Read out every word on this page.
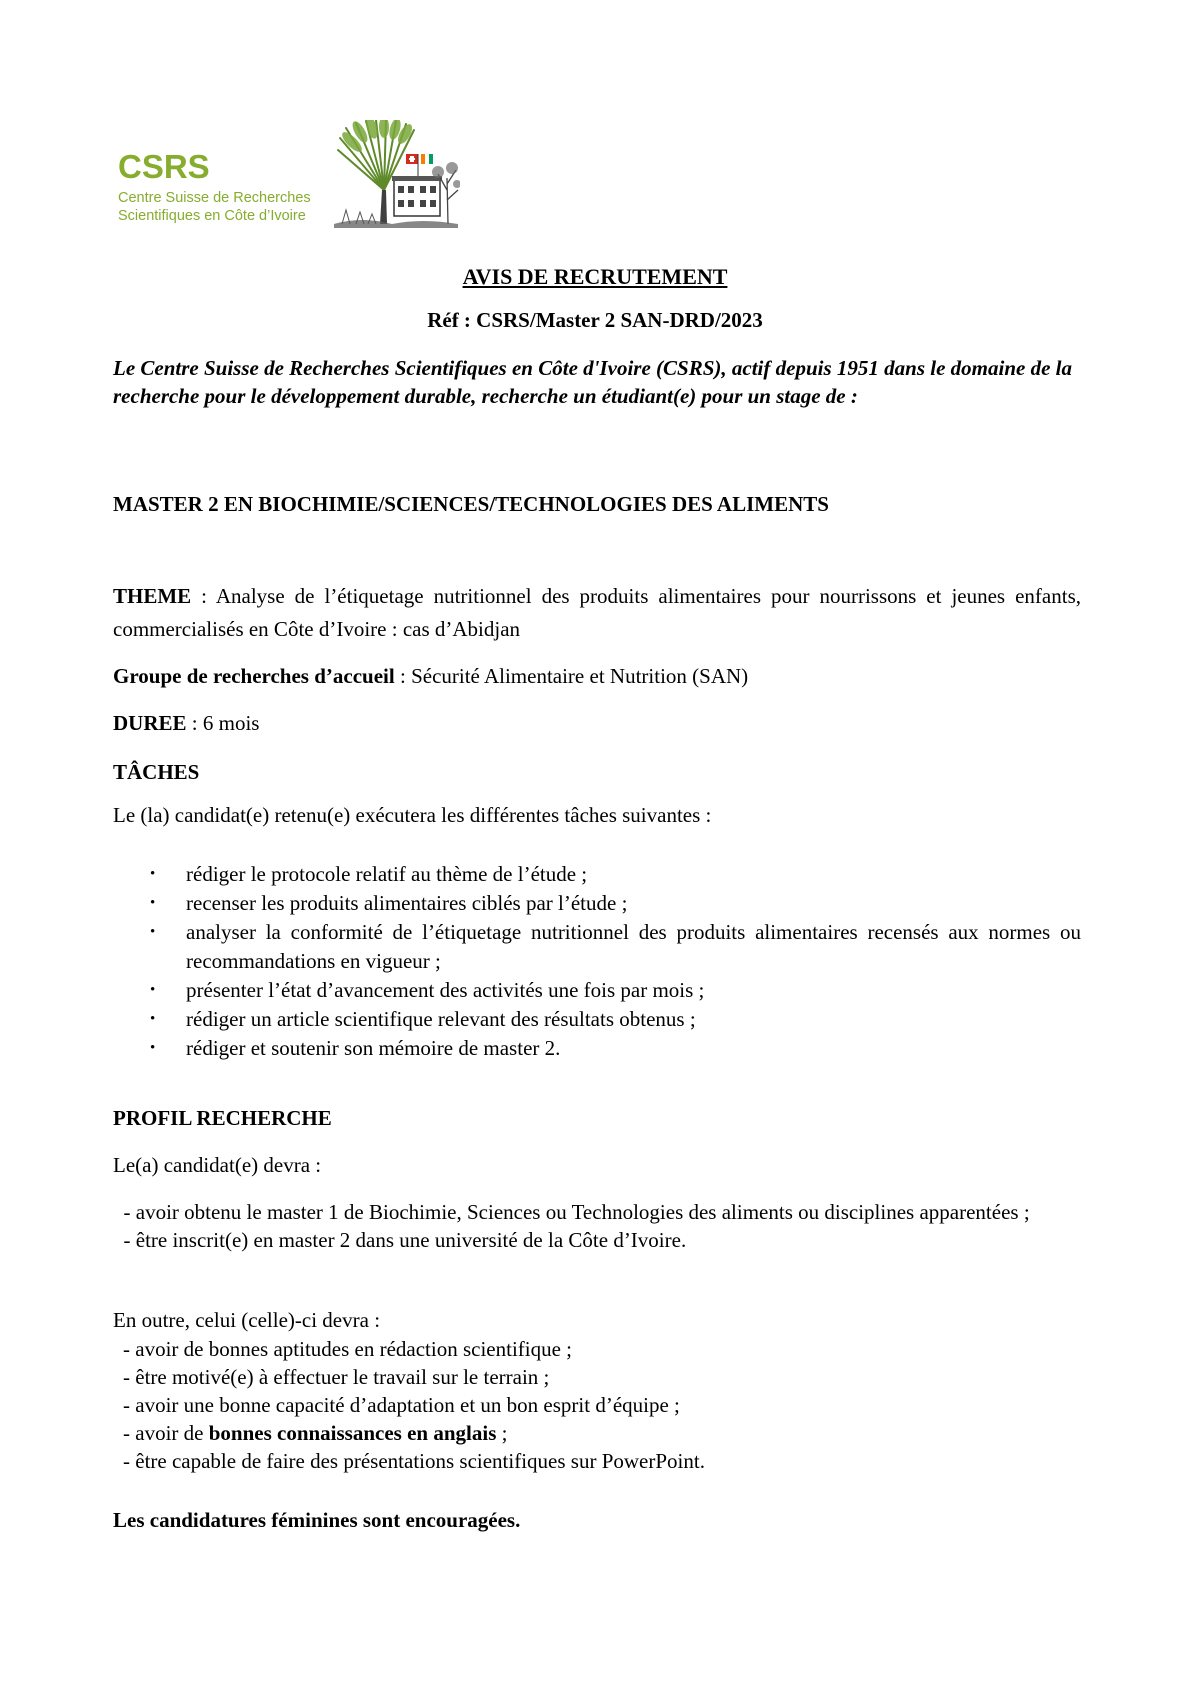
CSRS
Centre Suisse de Recherches
Scientifiques en Côte d’Ivoire
AVIS DE RECRUTEMENT
Réf : CSRS/Master 2 SAN-DRD/2023
Le Centre Suisse de Recherches Scientifiques en Côte d'Ivoire (CSRS), actif depuis 1951 dans le domaine de la recherche pour le développement durable, recherche un étudiant(e) pour un stage de :
MASTER 2 EN BIOCHIMIE/SCIENCES/TECHNOLOGIES DES ALIMENTS
THEME : Analyse de l’étiquetage nutritionnel des produits alimentaires pour nourrissons et jeunes enfants, commercialisés en Côte d’Ivoire : cas d’Abidjan
Groupe de recherches d’accueil : Sécurité Alimentaire et Nutrition (SAN)
DUREE : 6 mois
TÂCHES
Le (la) candidat(e) retenu(e) exécutera les différentes tâches suivantes :
• rédiger le protocole relatif au thème de l’étude ;
• recenser les produits alimentaires ciblés par l’étude ;
• analyser la conformité de l’étiquetage nutritionnel des produits alimentaires recensés aux normes ou recommandations en vigueur ;
• présenter l’état d’avancement des activités une fois par mois ;
• rédiger un article scientifique relevant des résultats obtenus ;
• rédiger et soutenir son mémoire de master 2.
PROFIL RECHERCHE
Le(a) candidat(e) devra :
- avoir obtenu le master 1 de Biochimie, Sciences ou Technologies des aliments ou disciplines apparentées ;
- être inscrit(e) en master 2 dans une université de la Côte d’Ivoire.
En outre, celui (celle)-ci devra :
- avoir de bonnes aptitudes en rédaction scientifique ;
- être motivé(e) à effectuer le travail sur le terrain ;
- avoir une bonne capacité d’adaptation et un bon esprit d’équipe ;
- avoir de bonnes connaissances en anglais ;
- être capable de faire des présentations scientifiques sur PowerPoint.
Les candidatures féminines sont encouragées.
